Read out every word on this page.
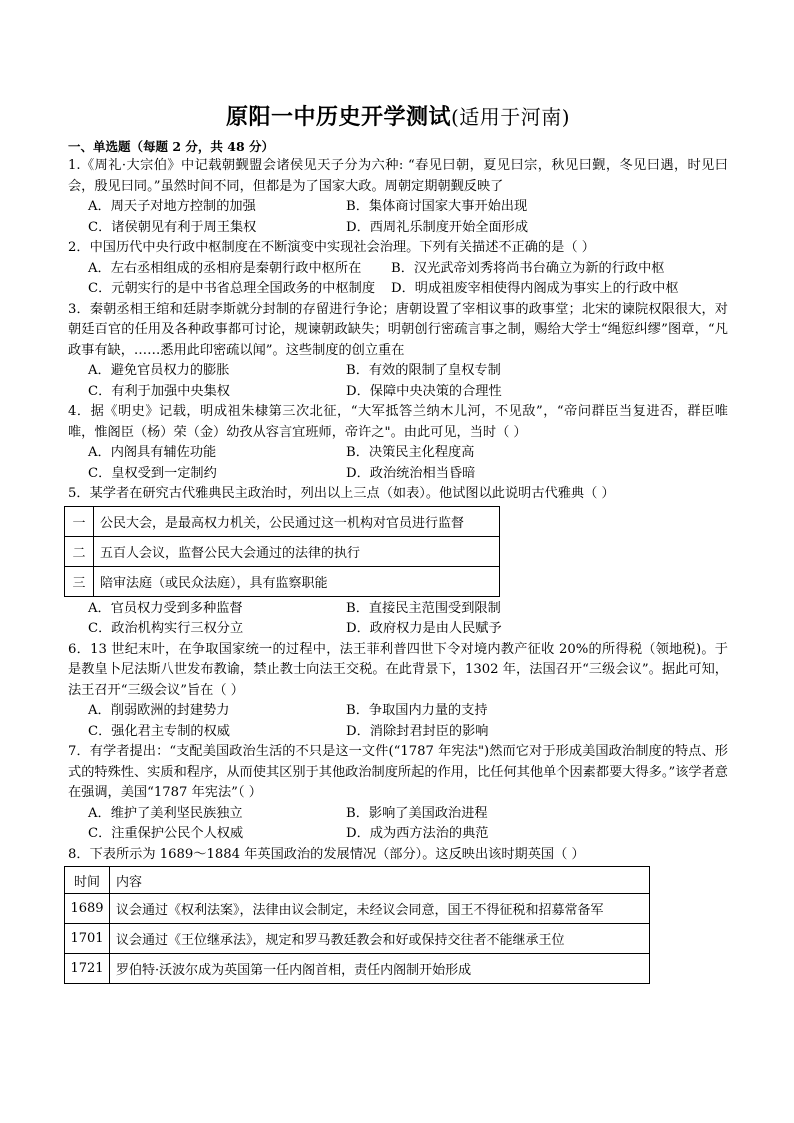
原阳一中历史开学测试(适用于河南)
一、单选题（每题 2 分，共 48 分）
1.《周礼·大宗伯》中记载朝觐盟会诸侯见天子分为六种: “春见曰朝，夏见曰宗，秋见曰觐，冬见曰遇，时见曰会，殷见曰同。”虽然时间不同，但都是为了国家大政。周朝定期朝觐反映了
A．周天子对地方控制的加强	B．集体商讨国家大事开始出现
C．诸侯朝见有利于周王集权	D．西周礼乐制度开始全面形成
2．中国历代中央行政中枢制度在不断演变中实现社会治理。下列有关描述不正确的是（ ）
A．左右丞相组成的丞相府是秦朝行政中枢所在	B．汉光武帝刘秀将尚书台确立为新的行政中枢
C．元朝实行的是中书省总理全国政务的中枢制度	D．明成祖废宰相使得内阁成为事实上的行政中枢
3．秦朝丞相王绾和廷尉李斯就分封制的存留进行争论；唐朝设置了宰相议事的政事堂；北宋的谏院权限很大，对朝廷百官的任用及各种政事都可讨论，规谏朝政缺失；明朝创行密疏言事之制，赐给大学士“绳愆纠缪”图章，“凡政事有缺，……悉用此印密疏以闻”。这些制度的创立重在
A．避免官员权力的膨胀	B．有效的限制了皇权专制
C．有利于加强中央集权	D．保障中央决策的合理性
4．据《明史》记载，明成祖朱棣第三次北征，“大军抵答兰纳木儿河，不见敌”，“帝问群臣当复进否，群臣唯唯，惟阁臣（杨）荣（金）幼孜从容言宜班师，帝许之"。由此可见，当时（ ）
A．内阁具有辅佐功能	B．决策民主化程度高
C．皇权受到一定制约	D．政治统治相当昏暗
5．某学者在研究古代雅典民主政治时，列出以上三点（如表）。他试图以此说明古代雅典（ ）
一	公民大会，是最高权力机关，公民通过这一机构对官员进行监督
二	五百人会议，监督公民大会通过的法律的执行
三	陪审法庭（或民众法庭），具有监察职能
A．官员权力受到多种监督	B．直接民主范围受到限制
C．政治机构实行三权分立	D．政府权力是由人民赋予
6．13 世纪末叶，在争取国家统一的过程中，法王菲利普四世下令对境内教产征收 20%的所得税（领地税)。于是教皇卜尼法斯八世发布教谕，禁止教士向法王交税。在此背景下，1302 年，法国召开“三级会议”。据此可知，法王召开“三级会议”旨在（ ）
A．削弱欧洲的封建势力	B．争取国内力量的支持
C．强化君主专制的权威	D．消除封君封臣的影响
7．有学者提出：“支配美国政治生活的不只是这一文件(“1787 年宪法")然而它对于形成美国政治制度的特点、形式的特殊性、实质和程序，从而使其区别于其他政治制度所起的作用，比任何其他单个因素都要大得多。”该学者意在强调，美国“1787 年宪法”（ ）
A．维护了美利坚民族独立	B．影响了美国政治进程
C．注重保护公民个人权威	D．成为西方法治的典范
8．下表所示为 1689～1884 年英国政治的发展情况（部分）。这反映出该时期英国（ ）
时间	内容
1689	议会通过《权利法案》，法律由议会制定，未经议会同意，国王不得征税和招募常备军
1701	议会通过《王位继承法》，规定和罗马教廷教会和好或保持交往者不能继承王位
1721	罗伯特·沃波尔成为英国第一任内阁首相，责任内阁制开始形成
